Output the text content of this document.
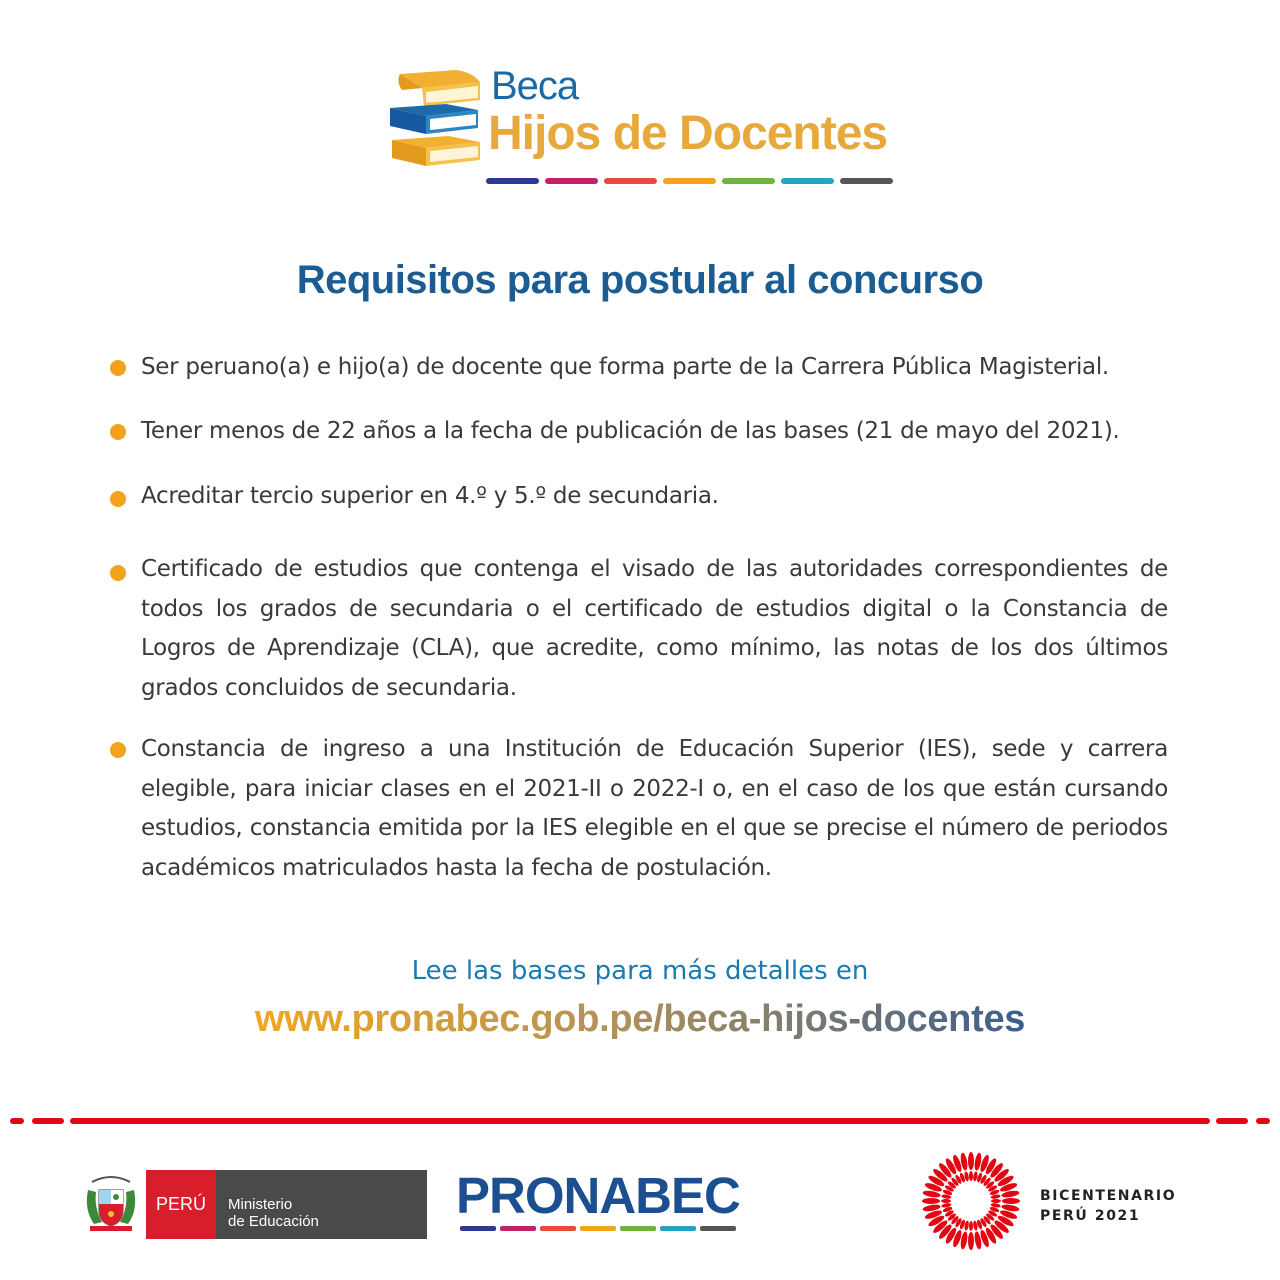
Beca
Hijos de Docentes
Requisitos para postular al concurso
Ser peruano(a) e hijo(a) de docente que forma parte de la Carrera Pública Magisterial.
Tener menos de 22 años a la fecha de publicación de las bases (21 de mayo del 2021).
Acreditar tercio superior en 4.º y 5.º de secundaria.
Certificado de estudios que contenga el visado de las autoridades correspondientes de todos los grados de secundaria o el certificado de estudios digital o la Constancia de Logros de Aprendizaje (CLA), que acredite, como mínimo, las notas de los dos últimos grados concluidos de secundaria.
Constancia de ingreso a una Institución de Educación Superior (IES), sede y carrera elegible, para iniciar clases en el 2021-II o 2022-I o, en el caso de los que están cursando estudios, constancia emitida por la IES elegible en el que se precise el número de periodos académicos matriculados hasta la fecha de postulación.
Lee las bases para más detalles en
www.pronabec.gob.pe/beca-hijos-docentes
PERÚ	Ministerio
de Educación	PRONABEC	BICENTENARIO
PERÚ 2021
